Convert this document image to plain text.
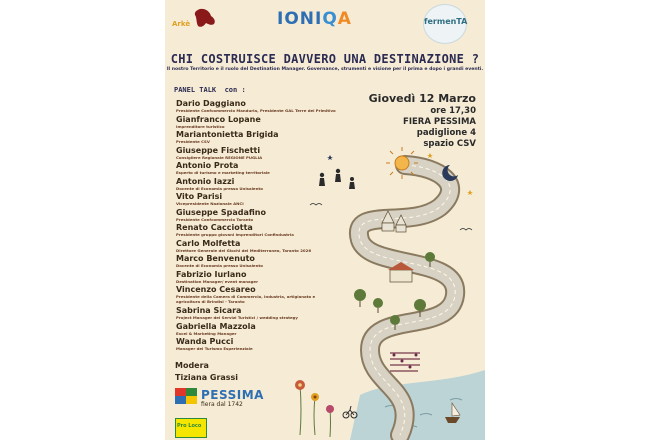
Arkè	IONIQA	fermenTA
CHI COSTRUISCE DAVVERO UNA DESTINAZIONE ?
Il nostro Territorio e il ruolo del Destination Manager. Governance, strumenti e visione per il prima e dopo i grandi eventi.
PANEL TALK con :
Dario Daggiano
Presidente Confcommercio Manduria, Presidente GAL Terre del Primitivo
Gianfranco Lopane
Imprenditore turistico
Mariantonietta Brigida
Presidente CSV
Giuseppe Fischetti
Consigliere Regionale REGIONE PUGLIA
Antonio Prota
Esperto di turismo e marketing territoriale
Antonio Iazzi
Docente di Economia presso Unisalento
Vito Parisi
Vicepresidente Nazionale ANCI
Giuseppe Spadafino
Presidente Confcommercio Taranto
Renato Cacciotta
Presidente gruppo giovani imprenditori Confindustria
Carlo Molfetta
Direttore Generale dei Giochi del Mediterraneo, Taranto 2026
Marco Benvenuto
Docente di Economia presso Unisalento
Fabrizio Iurlano
Destination Manager/ event manager
Vincenzo Cesareo
Presidente della Camera di Commercio, Industria, artigianato e agricoltura di Brindisi - Taranto
Sabrina Sicara
Project Manager dei Servizi Turistici / wedding strategy
Gabriella Mazzola
Excel & Marketing Manager
Wanda Pucci
Manager del Turismo Esperienziale
Modera
Tiziana Grassi
Giovedì 12 Marzo
ore 17,30
FIERA PESSIMA
padiglione 4
spazio CSV
PESSIMA
fiera dal 1742
Pro Loco
